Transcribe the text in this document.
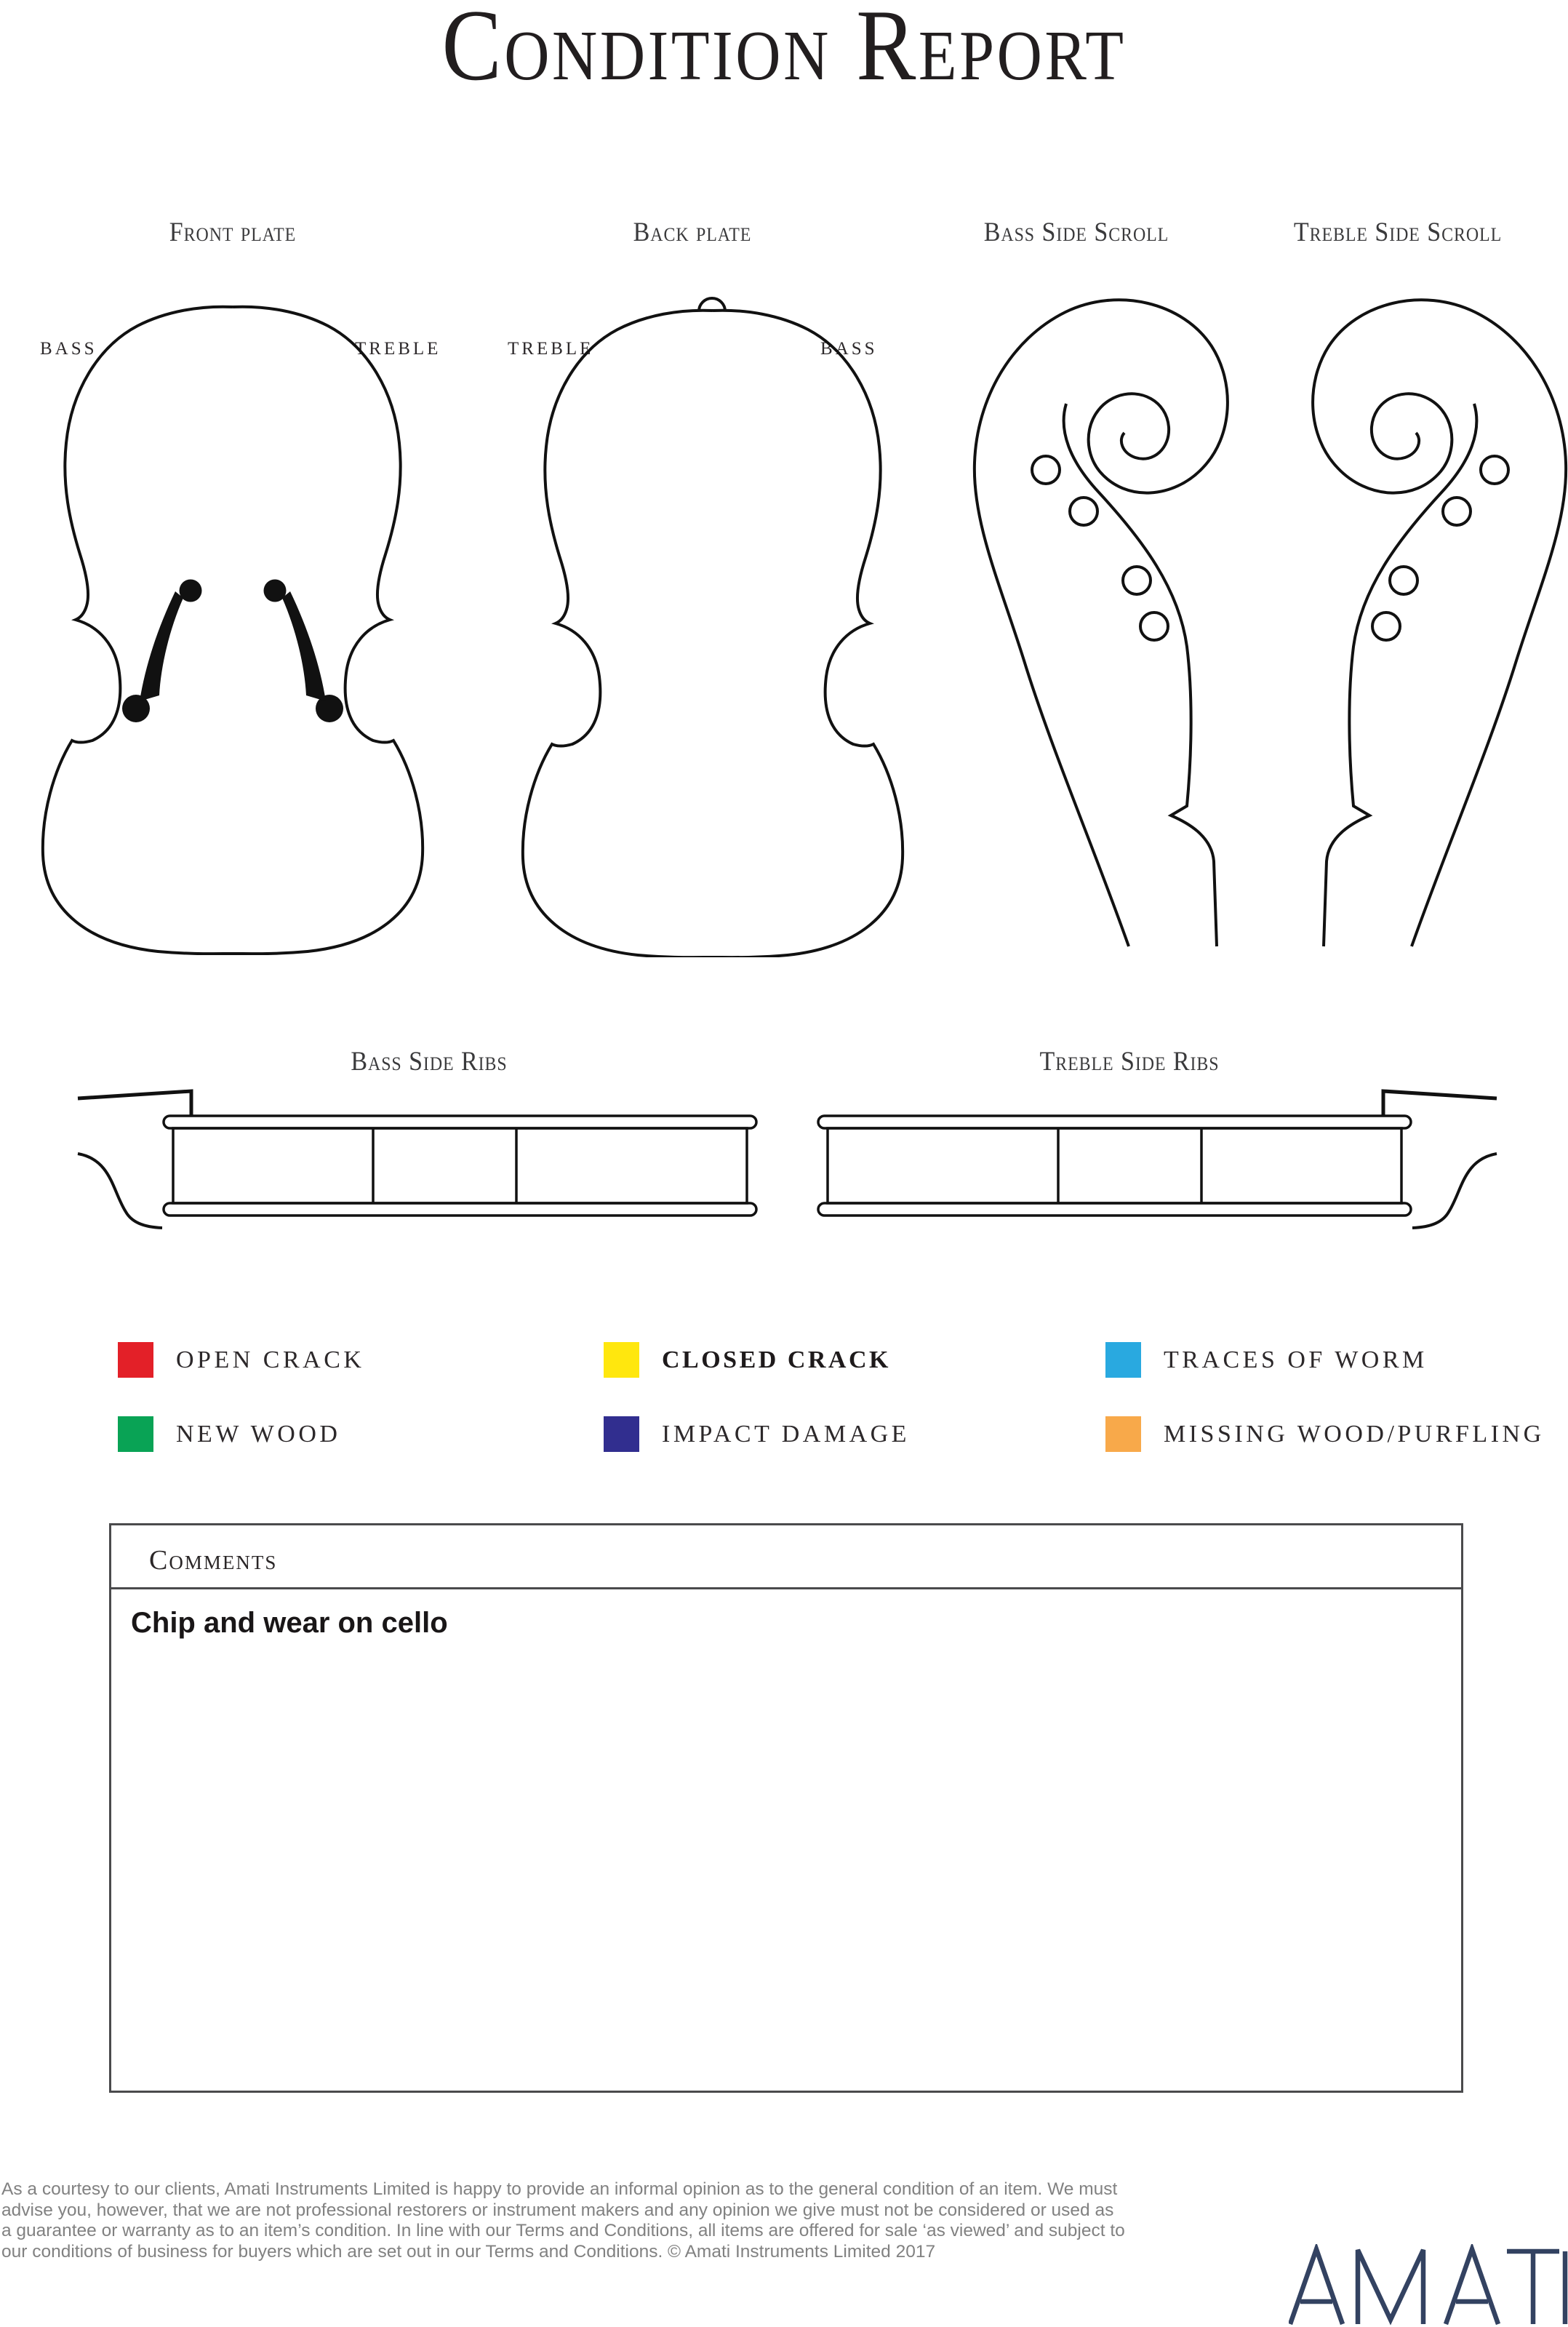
Condition Report
Front plate	Back plate	Bass Side Scroll	Treble Side Scroll
BASS	TREBLE	TREBLE	BASS
Bass Side Ribs	Treble Side Ribs
OPEN CRACK	CLOSED CRACK	TRACES OF WORM
NEW WOOD	IMPACT DAMAGE	MISSING WOOD/PURFLING
Comments
Chip and wear on cello
As a courtesy to our clients, Amati Instruments Limited is happy to provide an informal opinion as to the general condition of an item. We must
advise you, however, that we are not professional restorers or instrument makers and any opinion we give must not be considered or used as
a guarantee or warranty as to an item’s condition. In line with our Terms and Conditions, all items are offered for sale ‘as viewed’ and subject to
our conditions of business for buyers which are set out in our Terms and Conditions. © Amati Instruments Limited 2017
